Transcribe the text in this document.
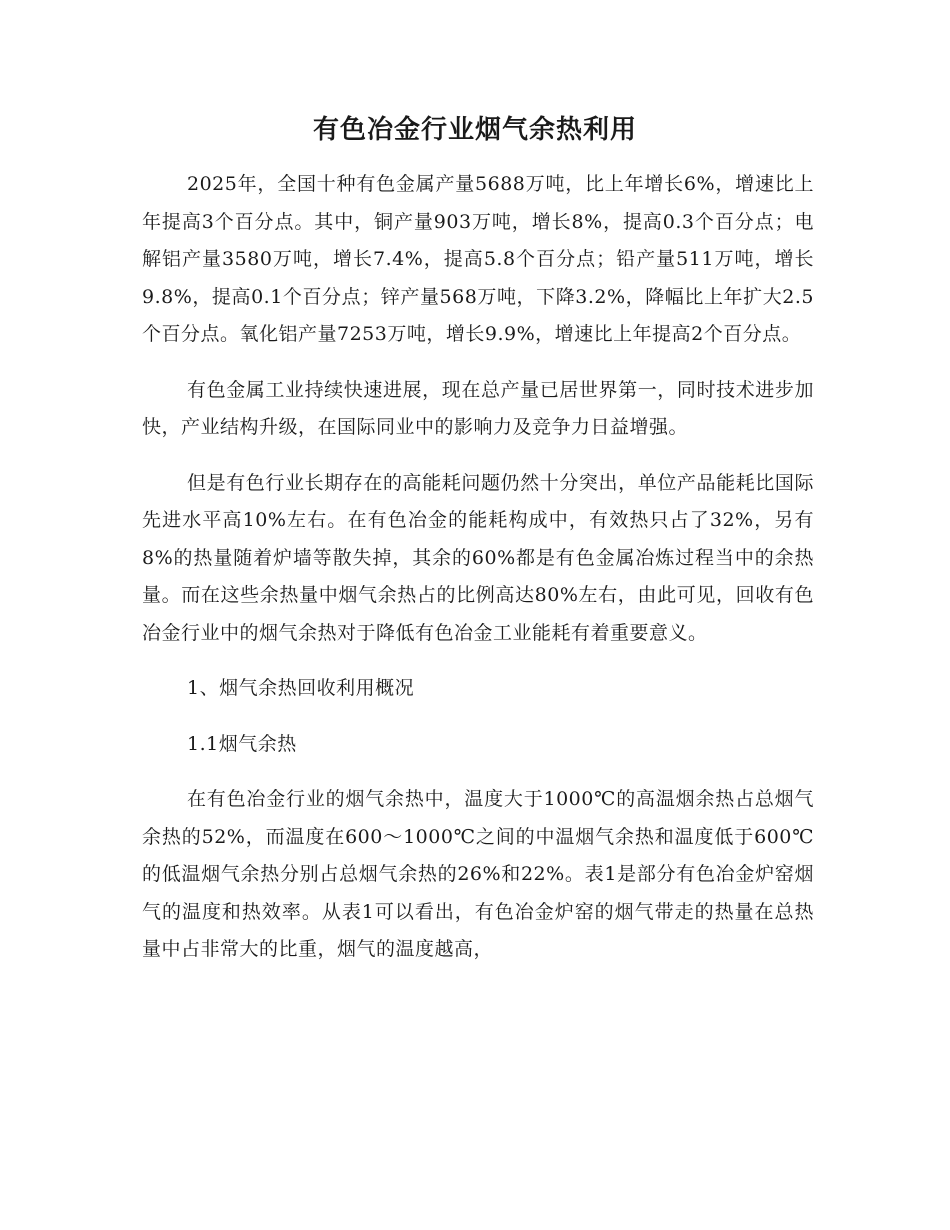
有色冶金行业烟气余热利用

2025年，全国十种有色金属产量5688万吨，比上年增长6%，增速比上年提高3个百分点。其中，铜产量903万吨，增长8%，提高0.3个百分点；电解铝产量3580万吨，增长7.4%，提高5.8个百分点；铅产量511万吨，增长9.8%，提高0.1个百分点；锌产量568万吨，下降3.2%，降幅比上年扩大2.5个百分点。氧化铝产量7253万吨，增长9.9%，增速比上年提高2个百分点。

有色金属工业持续快速进展，现在总产量已居世界第一，同时技术进步加快，产业结构升级，在国际同业中的影响力及竞争力日益增强。

但是有色行业长期存在的高能耗问题仍然十分突出，单位产品能耗比国际先进水平高10%左右。在有色冶金的能耗构成中，有效热只占了32%，另有8%的热量随着炉墙等散失掉，其余的60%都是有色金属冶炼过程当中的余热量。而在这些余热量中烟气余热占的比例高达80%左右，由此可见，回收有色冶金行业中的烟气余热对于降低有色冶金工业能耗有着重要意义。

1、烟气余热回收利用概况

1.1烟气余热

在有色冶金行业的烟气余热中，温度大于1000℃的高温烟余热占总烟气余热的52%，而温度在600～1000℃之间的中温烟气余热和温度低于600℃的低温烟气余热分别占总烟气余热的26%和22%。表1是部分有色冶金炉窑烟气的温度和热效率。从表1可以看出，有色冶金炉窑的烟气带走的热量在总热量中占非常大的比重，烟气的温度越高，
